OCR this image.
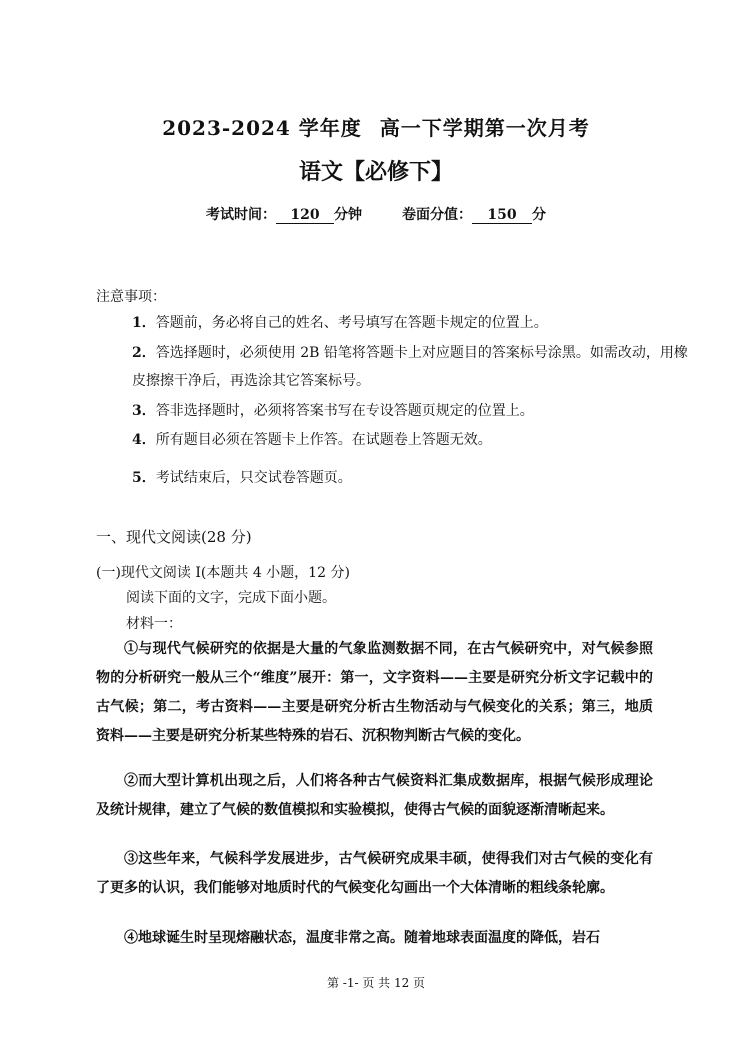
2023-2024 学年度 高一下学期第一次月考
语文【必修下】
考试时间： 120 分钟	卷面分值： 150 分
注意事项：
1．答题前，务必将自己的姓名、考号填写在答题卡规定的位置上。
2．答选择题时，必须使用 2B 铅笔将答题卡上对应题目的答案标号涂黑。如需改动，用橡皮擦擦干净后，再选涂其它答案标号。
3．答非选择题时，必须将答案书写在专设答题页规定的位置上。
4．所有题目必须在答题卡上作答。在试题卷上答题无效。
5．考试结束后，只交试卷答题页。
一、现代文阅读(28 分)
(一)现代文阅读 I(本题共 4 小题，12 分)
阅读下面的文字，完成下面小题。
材料一：
①与现代气候研究的依据是大量的气象监测数据不同，在古气候研究中，对气候参照物的分析研究一般从三个“维度”展开：第一，文字资料——主要是研究分析文字记载中的古气候；第二，考古资料——主要是研究分析古生物活动与气候变化的关系；第三，地质资料——主要是研究分析某些特殊的岩石、沉积物判断古气候的变化。
②而大型计算机出现之后，人们将各种古气候资料汇集成数据库，根据气候形成理论及统计规律，建立了气候的数值模拟和实验模拟，使得古气候的面貌逐渐清晰起来。
③这些年来，气候科学发展进步，古气候研究成果丰硕，使得我们对古气候的变化有了更多的认识，我们能够对地质时代的气候变化勾画出一个大体清晰的粗线条轮廓。
④地球诞生时呈现熔融状态，温度非常之高。随着地球表面温度的降低，岩石
第 -1- 页 共 12 页
